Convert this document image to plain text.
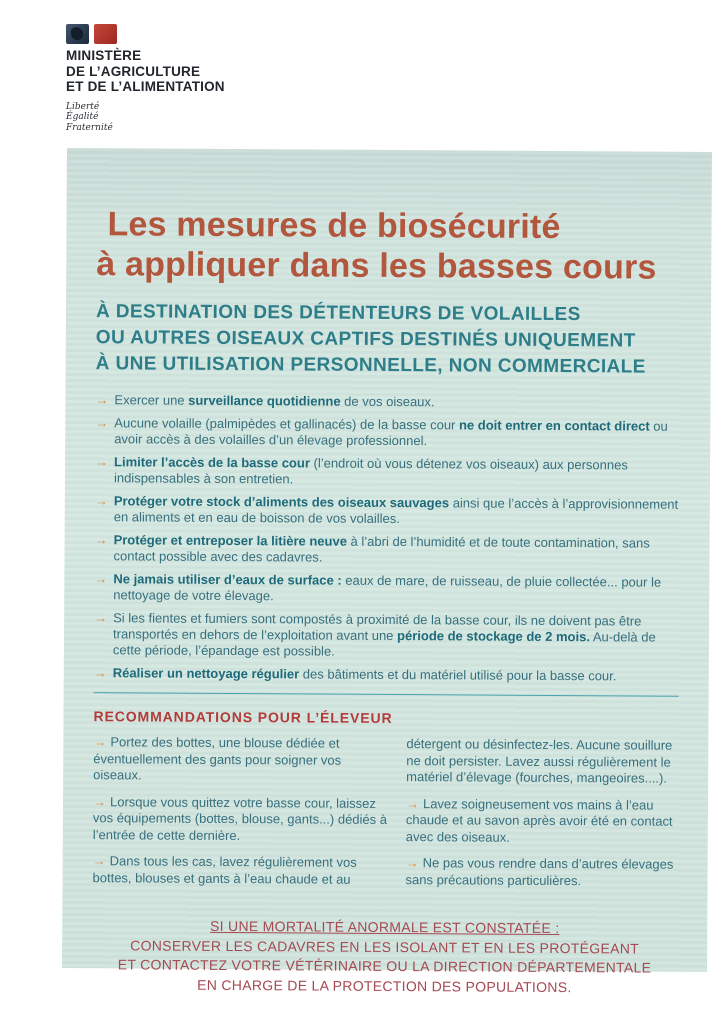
MINISTÈRE
DE L’AGRICULTURE
ET DE L’ALIMENTATION
Liberté
Égalité
Fraternité
Les mesures de biosécurité
à appliquer dans les basses cours
À DESTINATION DES DÉTENTEURS DE VOLAILLES
OU AUTRES OISEAUX CAPTIFS DESTINÉS UNIQUEMENT
À UNE UTILISATION PERSONNELLE, NON COMMERCIALE
→ Exercer une surveillance quotidienne de vos oiseaux.
→ Aucune volaille (palmipèdes et gallinacés) de la basse cour ne doit entrer en contact direct ou avoir accès à des volailles d’un élevage professionnel.
→ Limiter l’accès de la basse cour (l’endroit où vous détenez vos oiseaux) aux personnes indispensables à son entretien.
→ Protéger votre stock d’aliments des oiseaux sauvages ainsi que l’accès à l’approvisionnement en aliments et en eau de boisson de vos volailles.
→ Protéger et entreposer la litière neuve à l’abri de l’humidité et de toute contamination, sans contact possible avec des cadavres.
→ Ne jamais utiliser d’eaux de surface : eaux de mare, de ruisseau, de pluie collectée... pour le nettoyage de votre élevage.
→ Si les fientes et fumiers sont compostés à proximité de la basse cour, ils ne doivent pas être transportés en dehors de l’exploitation avant une période de stockage de 2 mois. Au-delà de cette période, l’épandage est possible.
→ Réaliser un nettoyage régulier des bâtiments et du matériel utilisé pour la basse cour.
RECOMMANDATIONS POUR L’ÉLEVEUR
→ Portez des bottes, une blouse dédiée et éventuellement des gants pour soigner vos oiseaux.
→ Lorsque vous quittez votre basse cour, laissez vos équipements (bottes, blouse, gants...) dédiés à l’entrée de cette dernière.
→ Dans tous les cas, lavez régulièrement vos bottes, blouses et gants à l’eau chaude et au
détergent ou désinfectez-les. Aucune souillure ne doit persister. Lavez aussi régulièrement le matériel d’élevage (fourches, mangeoires....).
→ Lavez soigneusement vos mains à l’eau chaude et au savon après avoir été en contact avec des oiseaux.
→ Ne pas vous rendre dans d’autres élevages sans précautions particulières.
SI UNE MORTALITÉ ANORMALE EST CONSTATÉE :
CONSERVER LES CADAVRES EN LES ISOLANT ET EN LES PROTÉGEANT
ET CONTACTEZ VOTRE VÉTÉRINAIRE OU LA DIRECTION DÉPARTEMENTALE
EN CHARGE DE LA PROTECTION DES POPULATIONS.
